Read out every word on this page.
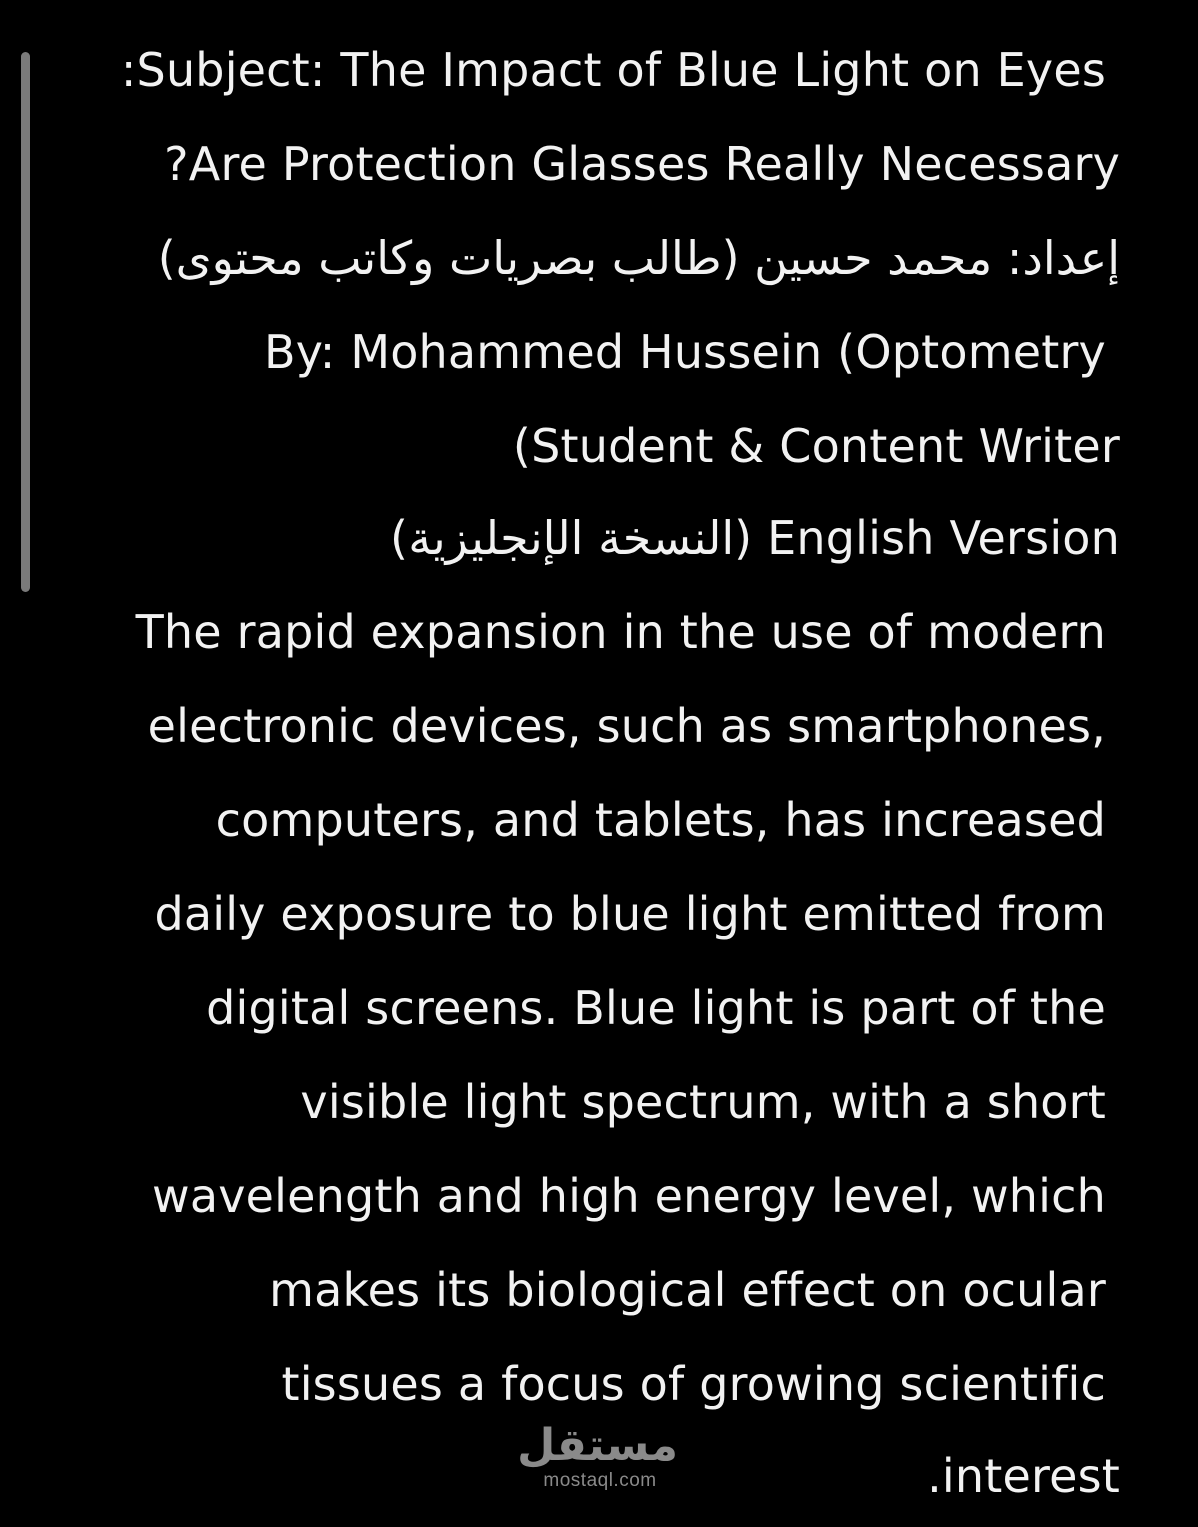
Subject: The Impact of Blue Light on Eyes:
Are Protection Glasses Really Necessary?
إعداد: محمد حسين (طالب بصريات وكاتب محتوى)
By: Mohammed Hussein (Optometry
Student & Content Writer)
English Version (النسخة الإنجليزية)
The rapid expansion in the use of modern
electronic devices, such as smartphones,
computers, and tablets, has increased
daily exposure to blue light emitted from
digital screens. Blue light is part of the
visible light spectrum, with a short
wavelength and high energy level, which
makes its biological effect on ocular
tissues a focus of growing scientific
interest.
مستقل
mostaql.com
